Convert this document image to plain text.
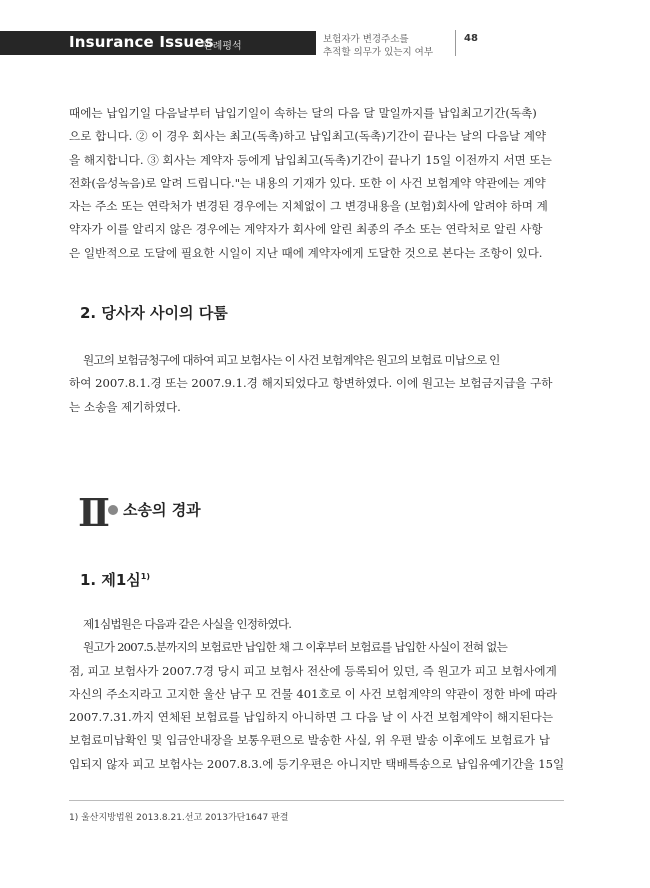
Insurance Issues
판례평석
보험자가 변경주소를
추적할 의무가 있는지 여부
48

때에는 납입기일 다음날부터 납입기일이 속하는 달의 다음 달 말일까지를 납입최고기간(독촉)
으로 합니다. ② 이 경우 회사는 최고(독촉)하고 납입최고(독촉)기간이 끝나는 날의 다음날 계약
을 해지합니다. ③ 회사는 계약자 등에게 납입최고(독촉)기간이 끝나기 15일 이전까지 서면 또는
전화(음성녹음)로 알려 드립니다."는 내용의 기재가 있다. 또한 이 사건 보험계약 약관에는 계약
자는 주소 또는 연락처가 변경된 경우에는 지체없이 그 변경내용을 (보험)회사에 알려야 하며 계
약자가 이를 알리지 않은 경우에는 계약자가 회사에 알린 최종의 주소 또는 연락처로 알린 사항
은 일반적으로 도달에 필요한 시일이 지난 때에 계약자에게 도달한 것으로 본다는 조항이 있다.

2. 당사자 사이의 다툼

원고의 보험금청구에 대하여 피고 보험사는 이 사건 보험계약은 원고의 보험료 미납으로 인
하여 2007.8.1.경 또는 2007.9.1.경 해지되었다고 항변하였다. 이에 원고는 보험금지급을 구하
는 소송을 제기하였다.

Ⅱ 소송의 경과
1. 제1심$^{1)}$

제1심법원은 다음과 같은 사실을 인정하였다.
원고가 2007.5.분까지의 보험료만 납입한 채 그 이후부터 보험료를 납입한 사실이 전혀 없는
점, 피고 보험사가 2007.7경 당시 피고 보험사 전산에 등록되어 있던, 즉 원고가 피고 보험사에게
자신의 주소지라고 고지한 울산 남구 모 건물 401호로 이 사건 보험계약의 약관이 정한 바에 따라
2007.7.31.까지 연체된 보험료를 납입하지 아니하면 그 다음 날 이 사건 보험계약이 해지된다는
보험료미납확인 및 입금안내장을 보통우편으로 발송한 사실, 위 우편 발송 이후에도 보험료가 납
입되지 않자 피고 보험사는 2007.8.3.에 등기우편은 아니지만 택배특송으로 납입유예기간을 15일

1) 울산지방법원 2013.8.21.선고 2013가단1647 판결
